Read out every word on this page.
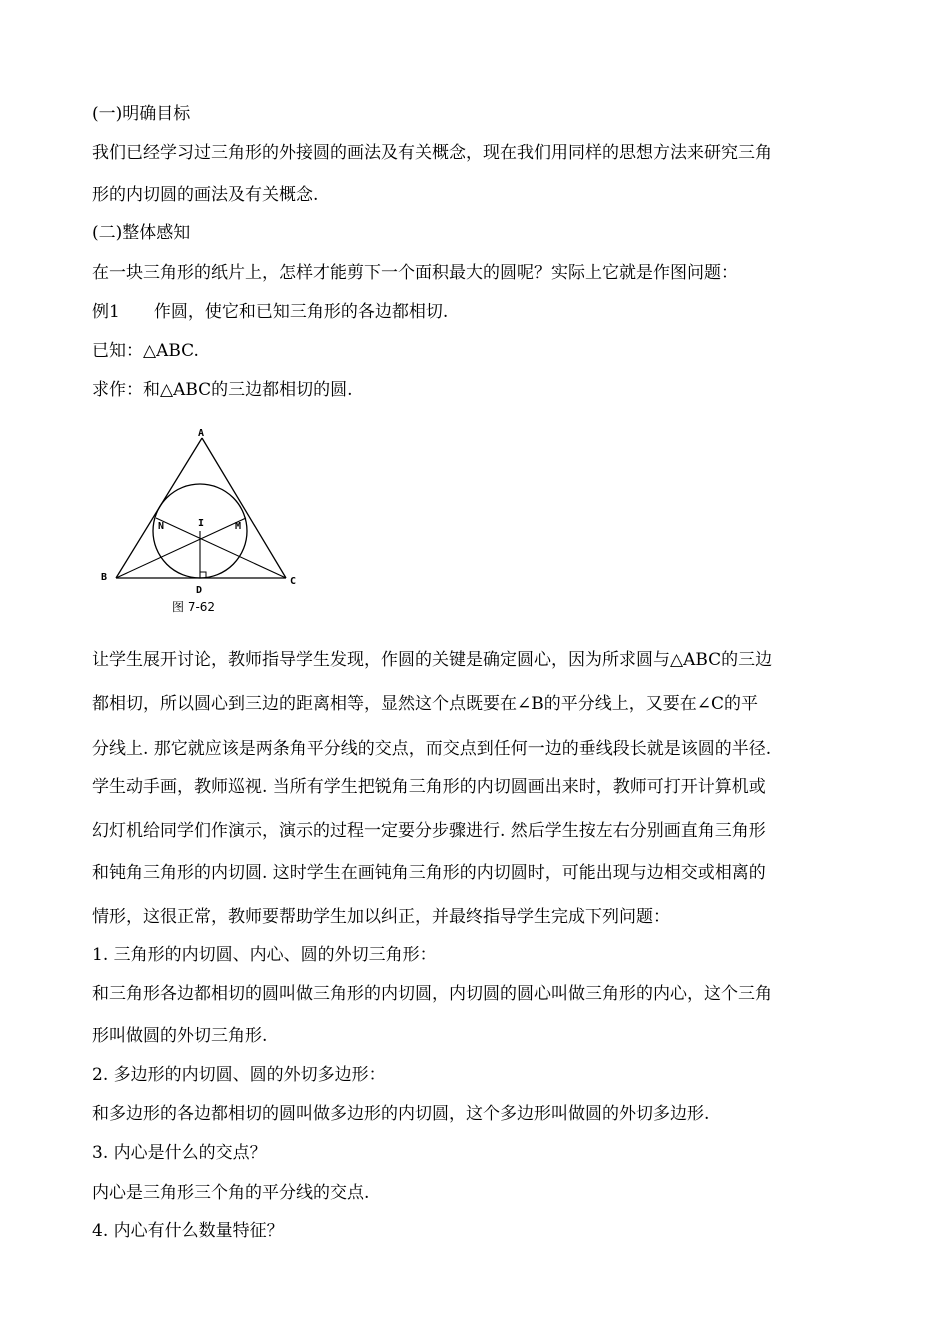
(一)明确目标
我们已经学习过三角形的外接圆的画法及有关概念，现在我们用同样的思想方法来研究三角
形的内切圆的画法及有关概念.
(二)整体感知
在一块三角形的纸片上，怎样才能剪下一个面积最大的圆呢？实际上它就是作图问题：
例1　　作圆，使它和已知三角形的各边都相切.
已知：△ABC.
求作：和△ABC的三边都相切的圆.
A
B	C
D
I	M
N
图 7-62
让学生展开讨论，教师指导学生发现，作圆的关键是确定圆心，因为所求圆与△ABC的三边
都相切，所以圆心到三边的距离相等，显然这个点既要在∠B的平分线上，又要在∠C的平
分线上. 那它就应该是两条角平分线的交点，而交点到任何一边的垂线段长就是该圆的半径.
学生动手画，教师巡视. 当所有学生把锐角三角形的内切圆画出来时，教师可打开计算机或
幻灯机给同学们作演示，演示的过程一定要分步骤进行. 然后学生按左右分别画直角三角形
和钝角三角形的内切圆. 这时学生在画钝角三角形的内切圆时，可能出现与边相交或相离的
情形，这很正常，教师要帮助学生加以纠正，并最终指导学生完成下列问题：
1. 三角形的内切圆、内心、圆的外切三角形：
和三角形各边都相切的圆叫做三角形的内切圆，内切圆的圆心叫做三角形的内心，这个三角
形叫做圆的外切三角形.
2. 多边形的内切圆、圆的外切多边形：
和多边形的各边都相切的圆叫做多边形的内切圆，这个多边形叫做圆的外切多边形.
3. 内心是什么的交点？
内心是三角形三个角的平分线的交点.
4. 内心有什么数量特征？
